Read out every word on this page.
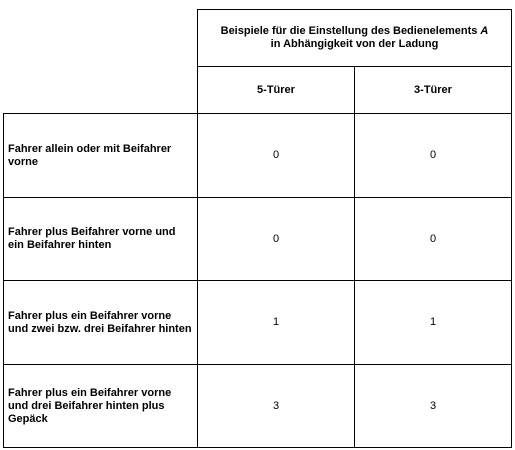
	Beispiele für die Einstellung des Bedienelements A
in Abhängigkeit von der Ladung	

	5-Türer	3-Türer
Fahrer allein oder mit Beifahrer vorne	0	0
Fahrer plus Beifahrer vorne und ein Beifahrer hinten	0	0
Fahrer plus ein Beifahrer vorne und zwei bzw. drei Beifahrer hinten	1	1
Fahrer plus ein Beifahrer vorne und drei Beifahrer hinten plus Gepäck	3	3
